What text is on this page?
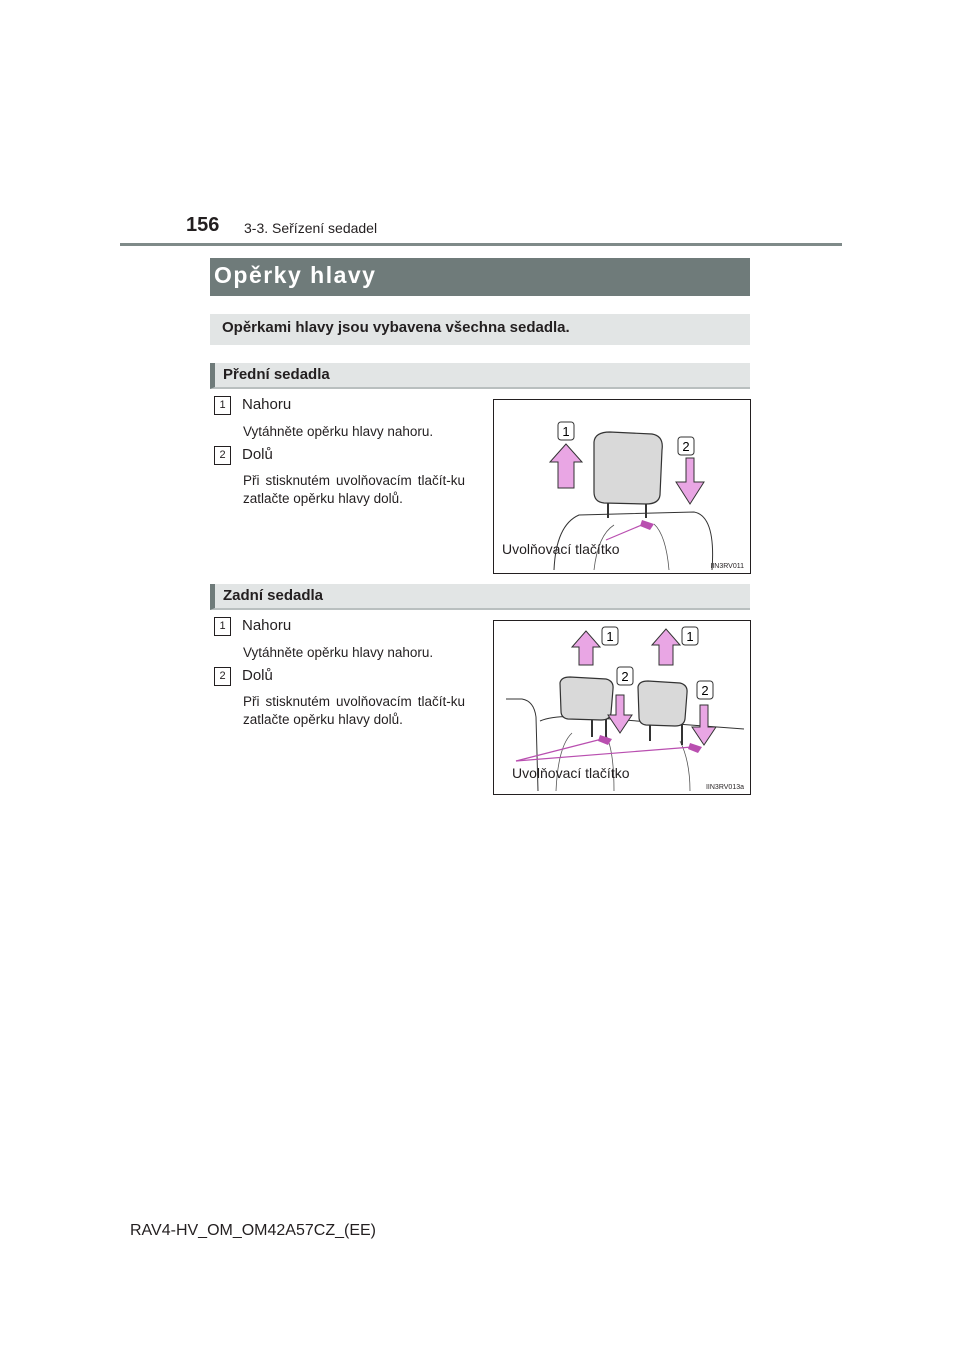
156 3-3. Seřízení sedadel
Opěrky hlavy
Opěrkami hlavy jsou vybavena všechna sedadla.
Přední sedadla
1	Nahoru
Vytáhněte opěrku hlavy nahoru.
2	Dolů
Při stisknutém uvolňovacím tlačít-ku zatlačte opěrku hlavy dolů.
1
2
Uvolňovací tlačítko
IIN3RV011
Zadní sedadla
1	Nahoru
Vytáhněte opěrku hlavy nahoru.
2	Dolů
Při stisknutém uvolňovacím tlačít-ku zatlačte opěrku hlavy dolů.
1	1
2
2
Uvolňovací tlačítko
IIN3RV013a
RAV4-HV_OM_OM42A57CZ_(EE)
